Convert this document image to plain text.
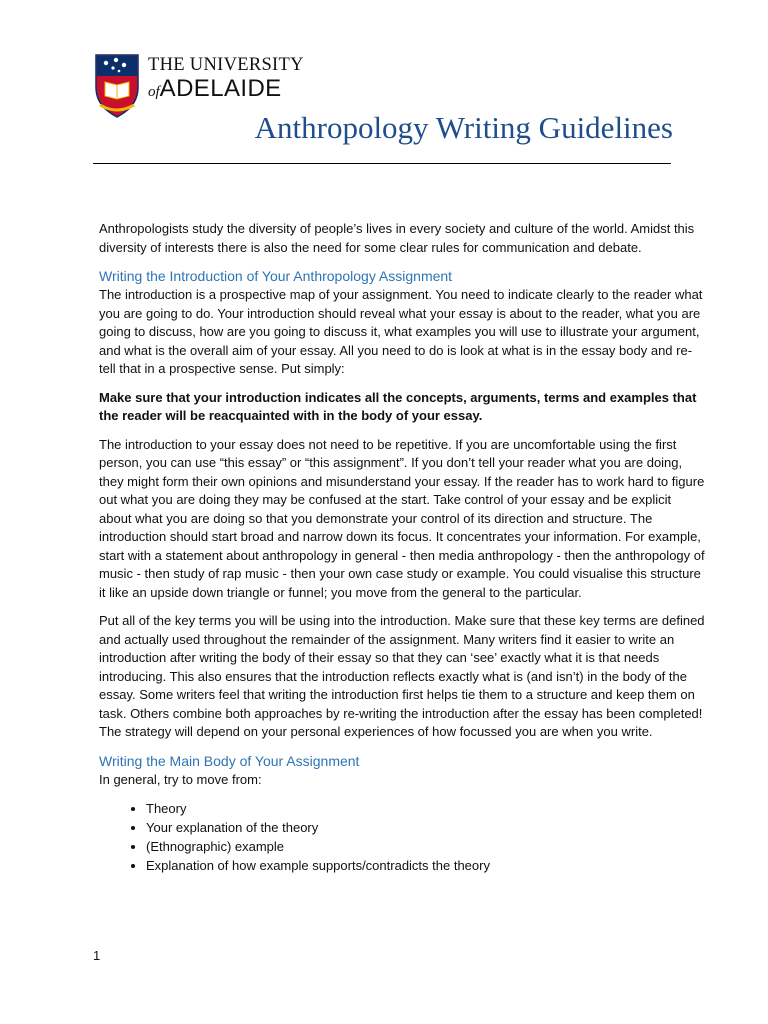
THE UNIVERSITY
ofADELAIDE
Anthropology Writing Guidelines

Anthropologists study the diversity of people’s lives in every society and culture of the world. Amidst this diversity of interests there is also the need for some clear rules for communication and debate.

Writing the Introduction of Your Anthropology Assignment

The introduction is a prospective map of your assignment. You need to indicate clearly to the reader what you are going to do. Your introduction should reveal what your essay is about to the reader, what you are going to discuss, how are you going to discuss it, what examples you will use to illustrate your argument, and what is the overall aim of your essay. All you need to do is look at what is in the essay body and re-tell that in a prospective sense. Put simply:

Make sure that your introduction indicates all the concepts, arguments, terms and examples that the reader will be reacquainted with in the body of your essay.

The introduction to your essay does not need to be repetitive. If you are uncomfortable using the first person, you can use “this essay” or “this assignment”. If you don’t tell your reader what you are doing, they might form their own opinions and misunderstand your essay. If the reader has to work hard to figure out what you are doing they may be confused at the start. Take control of your essay and be explicit about what you are doing so that you demonstrate your control of its direction and structure. The introduction should start broad and narrow down its focus. It concentrates your information. For example, start with a statement about anthropology in general - then media anthropology - then the anthropology of music - then study of rap music - then your own case study or example. You could visualise this structure it like an upside down triangle or funnel; you move from the general to the particular.

Put all of the key terms you will be using into the introduction. Make sure that these key terms are defined and actually used throughout the remainder of the assignment. Many writers find it easier to write an introduction after writing the body of their essay so that they can ‘see’ exactly what it is that needs introducing. This also ensures that the introduction reflects exactly what is (and isn’t) in the body of the essay. Some writers feel that writing the introduction first helps tie them to a structure and keep them on task. Others combine both approaches by re-writing the introduction after the essay has been completed! The strategy will depend on your personal experiences of how focussed you are when you write.

Writing the Main Body of Your Assignment

In general, try to move from:

• Theory
• Your explanation of the theory
• (Ethnographic) example
• Explanation of how example supports/contradicts the theory
1
